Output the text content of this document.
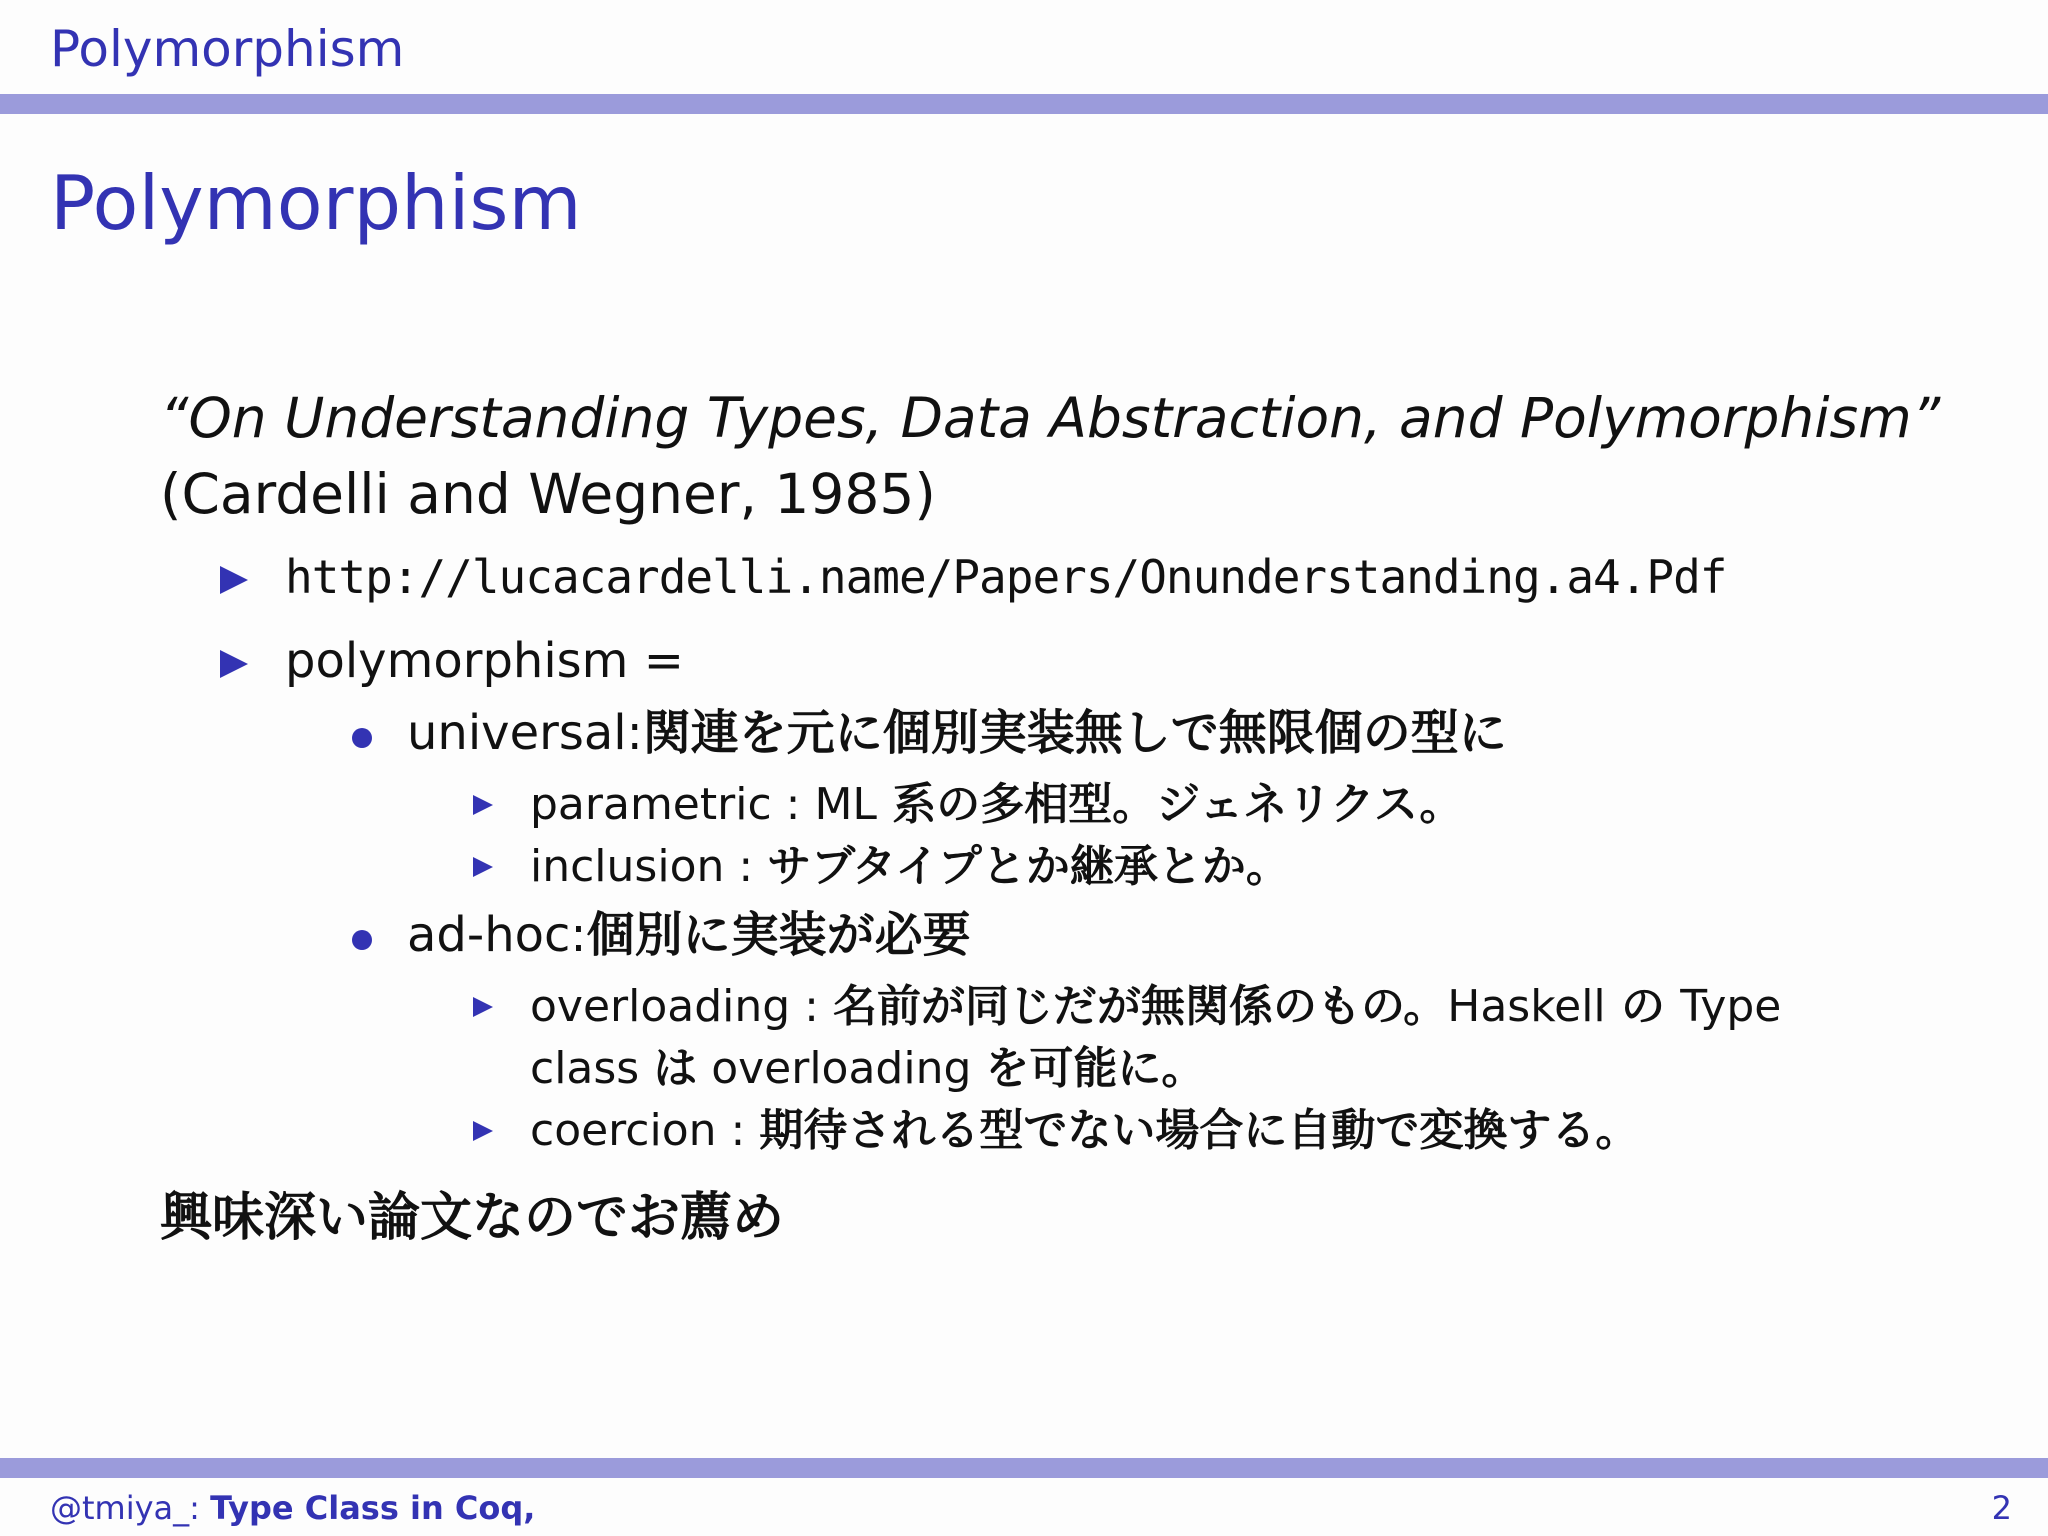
Polymorphism
Polymorphism
“On Understanding Types, Data Abstraction, and Polymorphism”
(Cardelli and Wegner, 1985)
http://lucacardelli.name/Papers/Onunderstanding.a4.Pdf
polymorphism =
universal:関連を元に個別実装無しで無限個の型に
parametric : ML 系の多相型。ジェネリクス。
inclusion : サブタイプとか継承とか。
ad-hoc:個別に実装が必要
overloading : 名前が同じだが無関係のもの。Haskell の Type
class は overloading を可能に。
coercion : 期待される型でない場合に自動で変換する。
興味深い論文なのでお薦め
@tmiya_: Type Class in Coq,	2
